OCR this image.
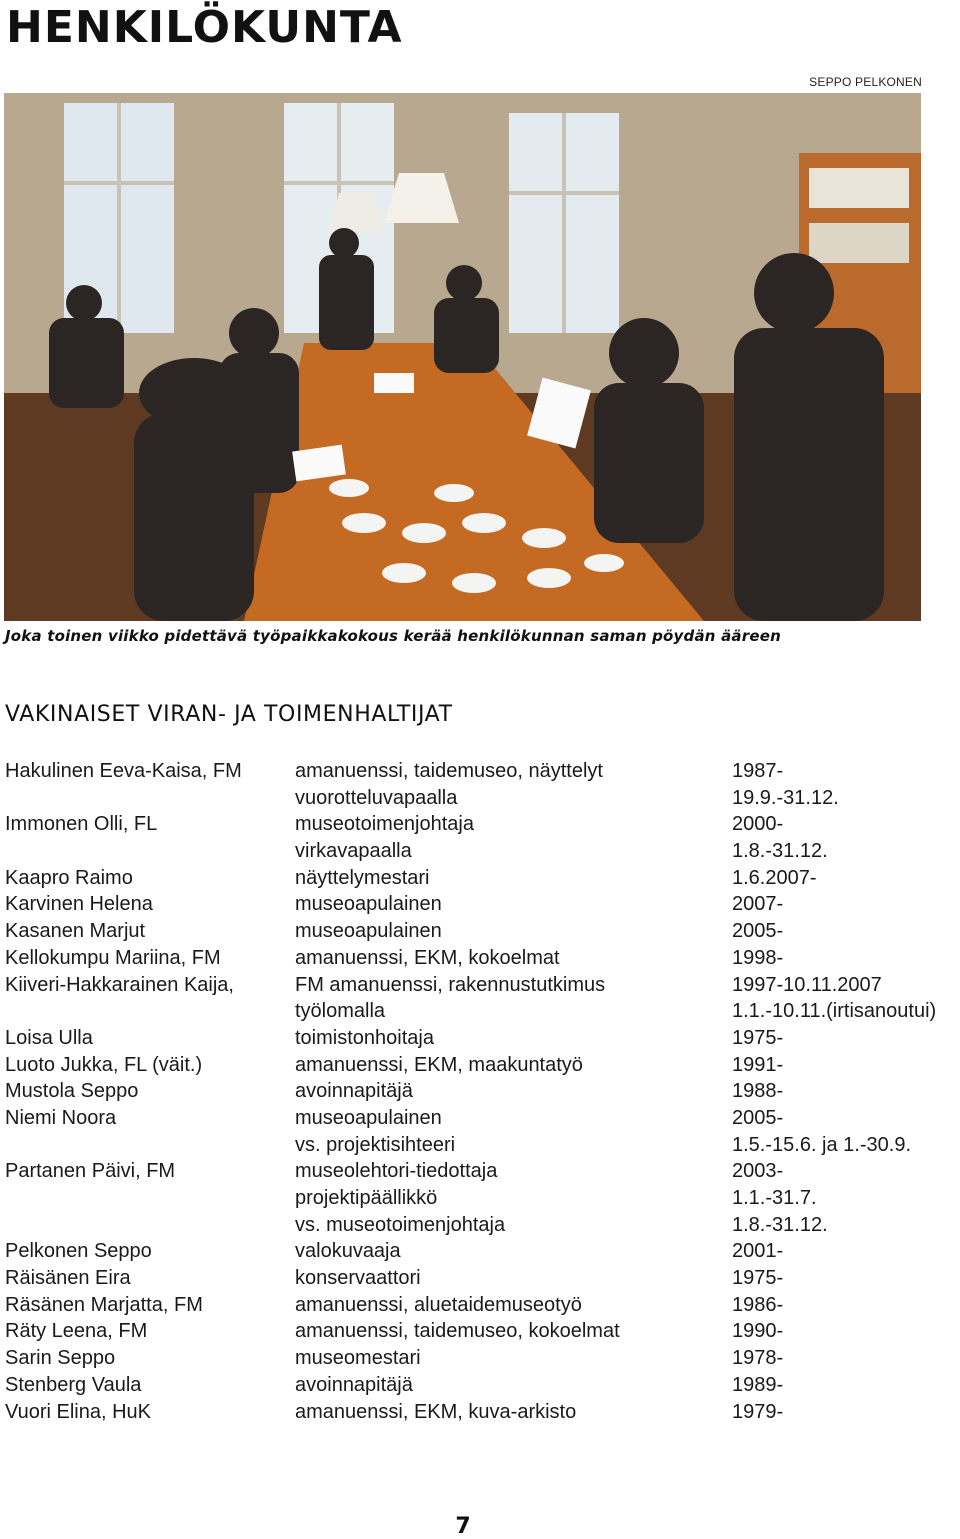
HENKILÖKUNTA
SEPPO PELKONEN
Joka toinen viikko pidettävä työpaikkakokous kerää henkilökunnan saman pöydän ääreen
VAKINAISET VIRAN- JA TOIMENHALTIJAT
Hakulinen Eeva-Kaisa, FM	amanuenssi, taidemuseo, näyttelyt	1987-
vuorotteluvapaalla	19.9.-31.12.
Immonen Olli, FL	museotoimenjohtaja	2000-
virkavapaalla	1.8.-31.12.
Kaapro Raimo	näyttelymestari	1.6.2007-
Karvinen Helena	museoapulainen	2007-
Kasanen Marjut	museoapulainen	2005-
Kellokumpu Mariina, FM	amanuenssi, EKM, kokoelmat	1998-
Kiiveri-Hakkarainen Kaija,	FM amanuenssi, rakennustutkimus	1997-10.11.2007
työlomalla	1.1.-10.11.(irtisanoutui)
Loisa Ulla	toimistonhoitaja	1975-
Luoto Jukka, FL (väit.)	amanuenssi, EKM, maakuntatyö	1991-
Mustola Seppo	avoinnapitäjä	1988-
Niemi Noora	museoapulainen	2005-
vs. projektisihteeri	1.5.-15.6. ja 1.-30.9.
Partanen Päivi, FM	museolehtori-tiedottaja	2003-
projektipäällikkö	1.1.-31.7.
vs. museotoimenjohtaja	1.8.-31.12.
Pelkonen Seppo	valokuvaaja	2001-
Räisänen Eira	konservaattori	1975-
Räsänen Marjatta, FM	amanuenssi, aluetaidemuseotyö	1986-
Räty Leena, FM	amanuenssi, taidemuseo, kokoelmat	1990-
Sarin Seppo	museomestari	1978-
Stenberg Vaula	avoinnapitäjä	1989-
Vuori Elina, HuK	amanuenssi, EKM, kuva-arkisto	1979-
7
